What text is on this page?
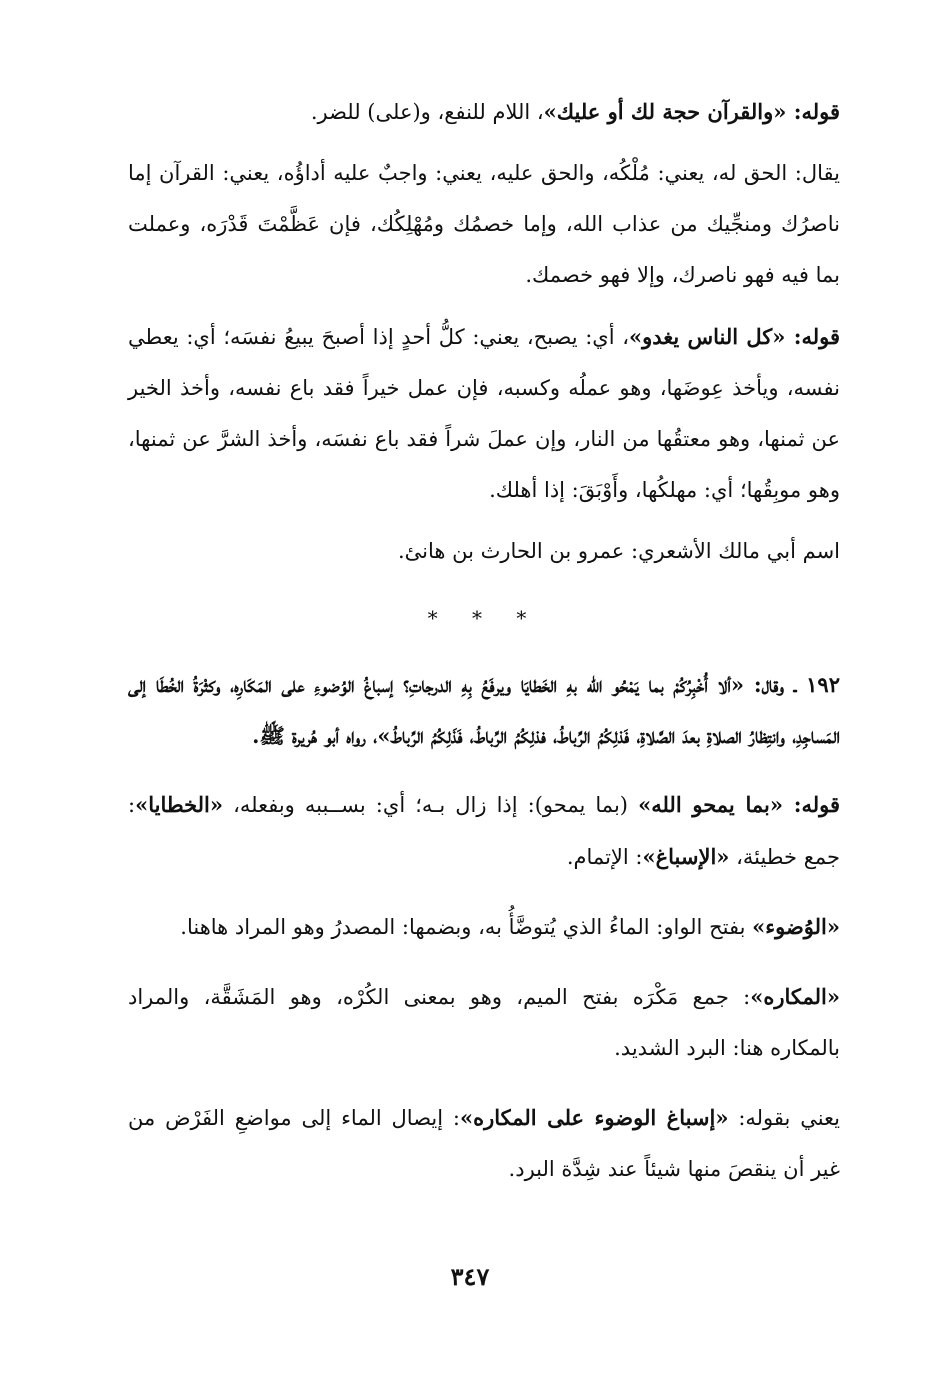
قوله: «والقرآن حجة لك أو عليك»، اللام للنفع، و(على) للضر.

يقال: الحق له، يعني: مُلْكُه، والحق عليه، يعني: واجبٌ عليه أداؤُه، يعني: القرآن إما ناصرُك ومنجِّيك من عذاب الله، وإما خصمُك ومُهْلِكُك، فإن عَظَّمْتَ قَدْرَه، وعملت بما فيه فهو ناصرك، وإلا فهو خصمك.

قوله: «كل الناس يغدو»، أي: يصبح، يعني: كلُّ أحدٍ إذا أصبحَ يبيعُ نفسَه؛ أي: يعطي نفسه، ويأخذ عِوضَها، وهو عملُه وكسبه، فإن عمل خيراً فقد باع نفسه، وأخذ الخير عن ثمنها، وهو معتقُها من النار، وإن عملَ شراً فقد باع نفسَه، وأخذ الشرَّ عن ثمنها، وهو موبِقُها؛ أي: مهلكُها، وأَوْبَقَ: إذا أهلك.

اسم أبي مالك الأشعري: عمرو بن الحارث بن هانئ.

* * *

١٩٢ ـ وقال: «ألا أُخْبِرُكُمْ بما يَمْحُو الله بهِ الخَطايَا ويرفَعُ بِهِ الدرجاتِ؟ إسباغُ الوُضوءِ على المَكَارِه، وكثْرَةُ الخُطَا إلى المَساجِدِ، وانتِظارُ الصلاةِ بعدَ الصَّلاةِ، فَذلِكُمُ الرِّباطُ، فذلِكُمُ الرِّباطُ، فَذَلِكُمُ الرِّباطُ»، رواه أبو هُريرة ﷺ.

قوله: «بما يمحو الله» (بما يمحو): إذا زال بـه؛ أي: بســببه وبفعله، «الخطايا»: جمع خطيئة، «الإسباغ»: الإتمام.

«الوُضوء» بفتح الواو: الماءُ الذي يُتوضَّأُ به، وبضمها: المصدرُ وهو المراد هاهنا.

«المكاره»: جمع مَكْرَه بفتح الميم، وهو بمعنى الكُرْه، وهو المَشَقَّة، والمراد بالمكاره هنا: البرد الشديد.

يعني بقوله: «إسباغ الوضوء على المكاره»: إيصال الماء إلى مواضعِ الفَرْض من غير أن ينقصَ منها شيئاً عند شِدَّة البرد.

٣٤٧
